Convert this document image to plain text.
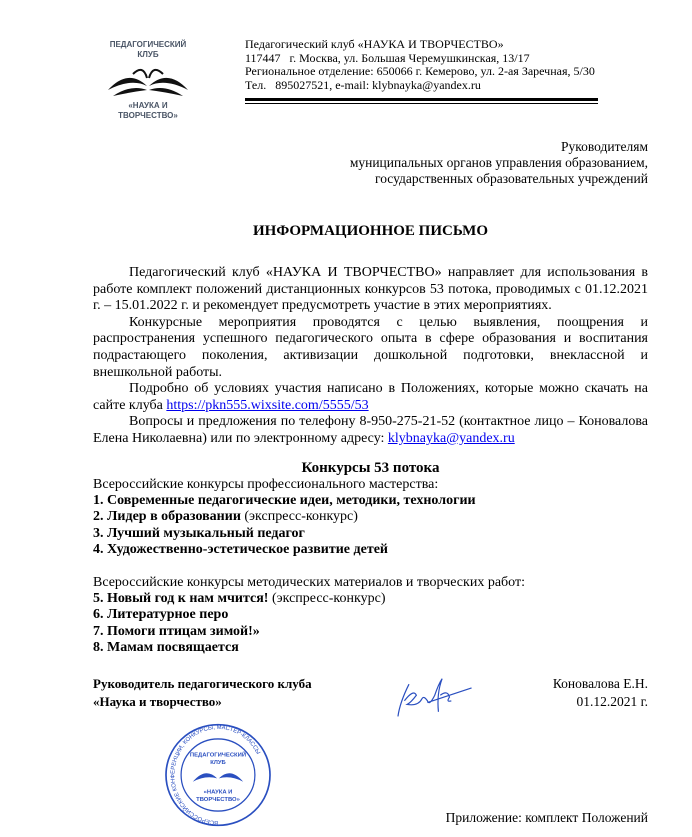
ПЕДАГОГИЧЕСКИЙ
КЛУБ
«НАУКА И
ТВОРЧЕСТВО»
Педагогический клуб «НАУКА И ТВОРЧЕСТВО»
117447   г. Москва, ул. Большая Черемушкинская, 13/17
Региональное отделение: 650066 г. Кемерово, ул. 2-ая Заречная, 5/30
Тел.   895027521, e-mail: klybnayka@yandex.ru
Руководителям
муниципальных органов управления образованием,
государственных образовательных учреждений
ИНФОРМАЦИОННОЕ ПИСЬМО

Педагогический клуб «НАУКА И ТВОРЧЕСТВО» направляет для использования в работе комплект положений дистанционных конкурсов 53 потока, проводимых с 01.12.2021 г. – 15.01.2022 г. и рекомендует предусмотреть участие в этих мероприятиях.

Конкурсные мероприятия проводятся с целью выявления, поощрения и распространения успешного педагогического опыта в сфере образования и воспитания подрастающего поколения, активизации дошкольной подготовки, внеклассной и внешкольной работы.

Подробно об условиях участия написано в Положениях, которые можно скачать на сайте клуба https://pkn555.wixsite.com/5555/53

Вопросы и предложения по телефону 8-950-275-21-52 (контактное лицо – Коновалова Елена Николаевна) или по электронному адресу: klybnayka@yandex.ru

Конкурсы 53 потока
Всероссийские конкурсы профессионального мастерства:
1. Современные педагогические идеи, методики, технологии
2. Лидер в образовании (экспресс-конкурс)
3. Лучший музыкальный педагог
4. Художественно-эстетическое развитие детей
Всероссийские конкурсы методических материалов и творческих работ:
5. Новый год к нам мчится! (экспресс-конкурс)
6. Литературное перо
7. Помоги птицам зимой!»
8. Мамам посвящается
Руководитель педагогического клуба
«Наука и творчество»
Коновалова Е.Н.
01.12.2021 г.
ВСЕРОССИЙСКИЕ КОНФЕРЕНЦИИ, КОНКУРСЫ, МАСТЕР-КЛАССЫ
ПЕДАГОГИЧЕСКИЙ
КЛУБ
«НАУКА И
ТВОРЧЕСТВО»
Приложение: комплект Положений
